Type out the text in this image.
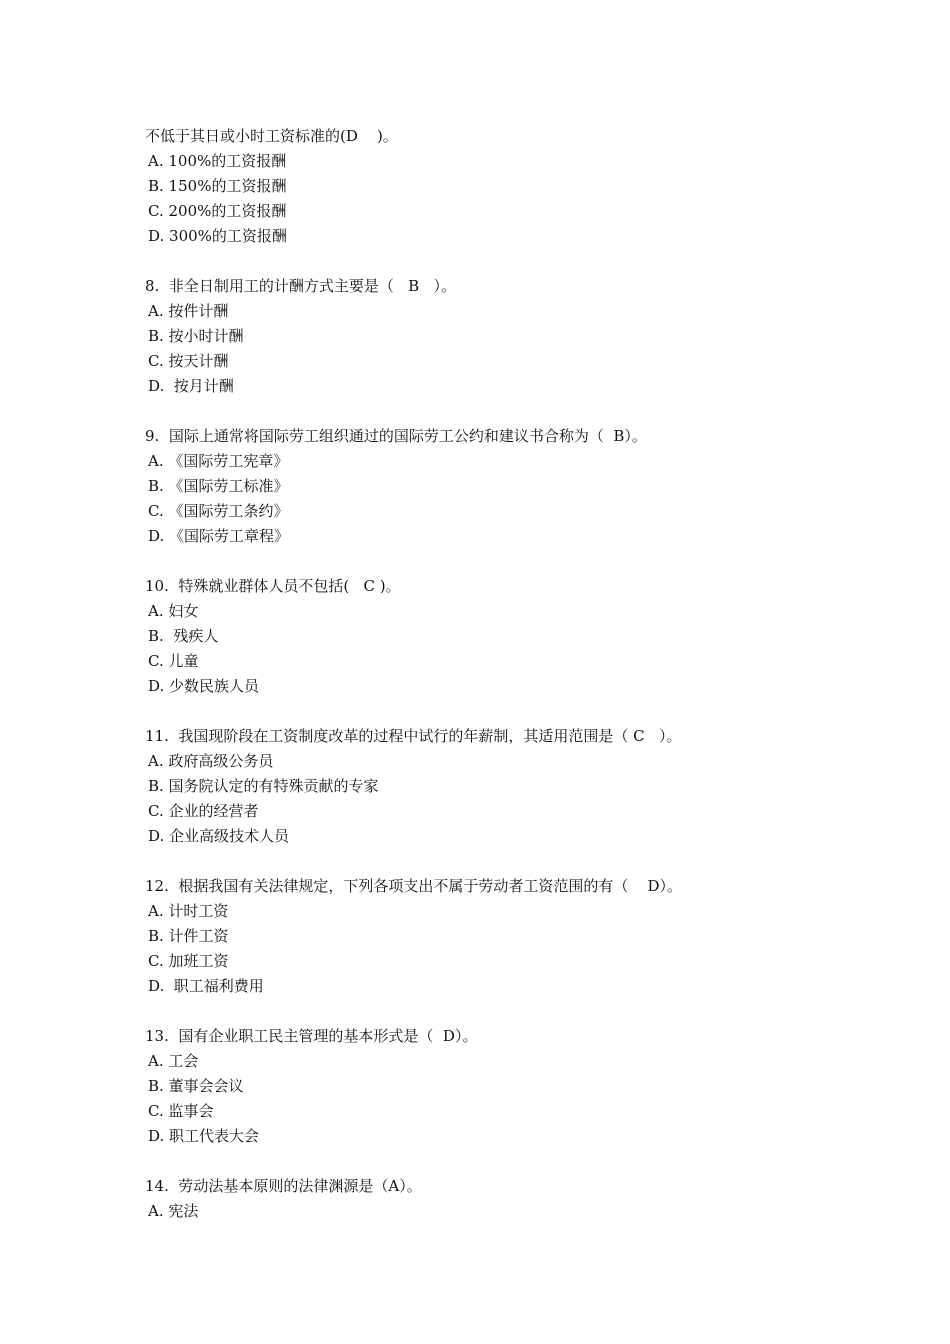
不低于其日或小时工资标准的(D    )。
A. 100%的工资报酬
B. 150%的工资报酬
C. 200%的工资报酬
D. 300%的工资报酬
8.  非全日制用工的计酬方式主要是（   B   ）。
A. 按件计酬
B. 按小时计酬
C. 按天计酬
D.  按月计酬
9.  国际上通常将国际劳工组织通过的国际劳工公约和建议书合称为（  B）。
A. 《国际劳工宪章》
B. 《国际劳工标准》
C. 《国际劳工条约》
D. 《国际劳工章程》
10.  特殊就业群体人员不包括(   C )。
A. 妇女
B.  残疾人
C. 儿童
D. 少数民族人员
11.  我国现阶段在工资制度改革的过程中试行的年薪制，其适用范围是（ C   ）。
A. 政府高级公务员
B. 国务院认定的有特殊贡献的专家
C. 企业的经营者
D. 企业高级技术人员
12.  根据我国有关法律规定，下列各项支出不属于劳动者工资范围的有（    D）。
A. 计时工资
B. 计件工资
C. 加班工资
D.  职工福利费用
13.  国有企业职工民主管理的基本形式是（  D）。
A. 工会
B. 董事会会议
C. 监事会
D. 职工代表大会
14.  劳动法基本原则的法律渊源是（A）。
A. 宪法
